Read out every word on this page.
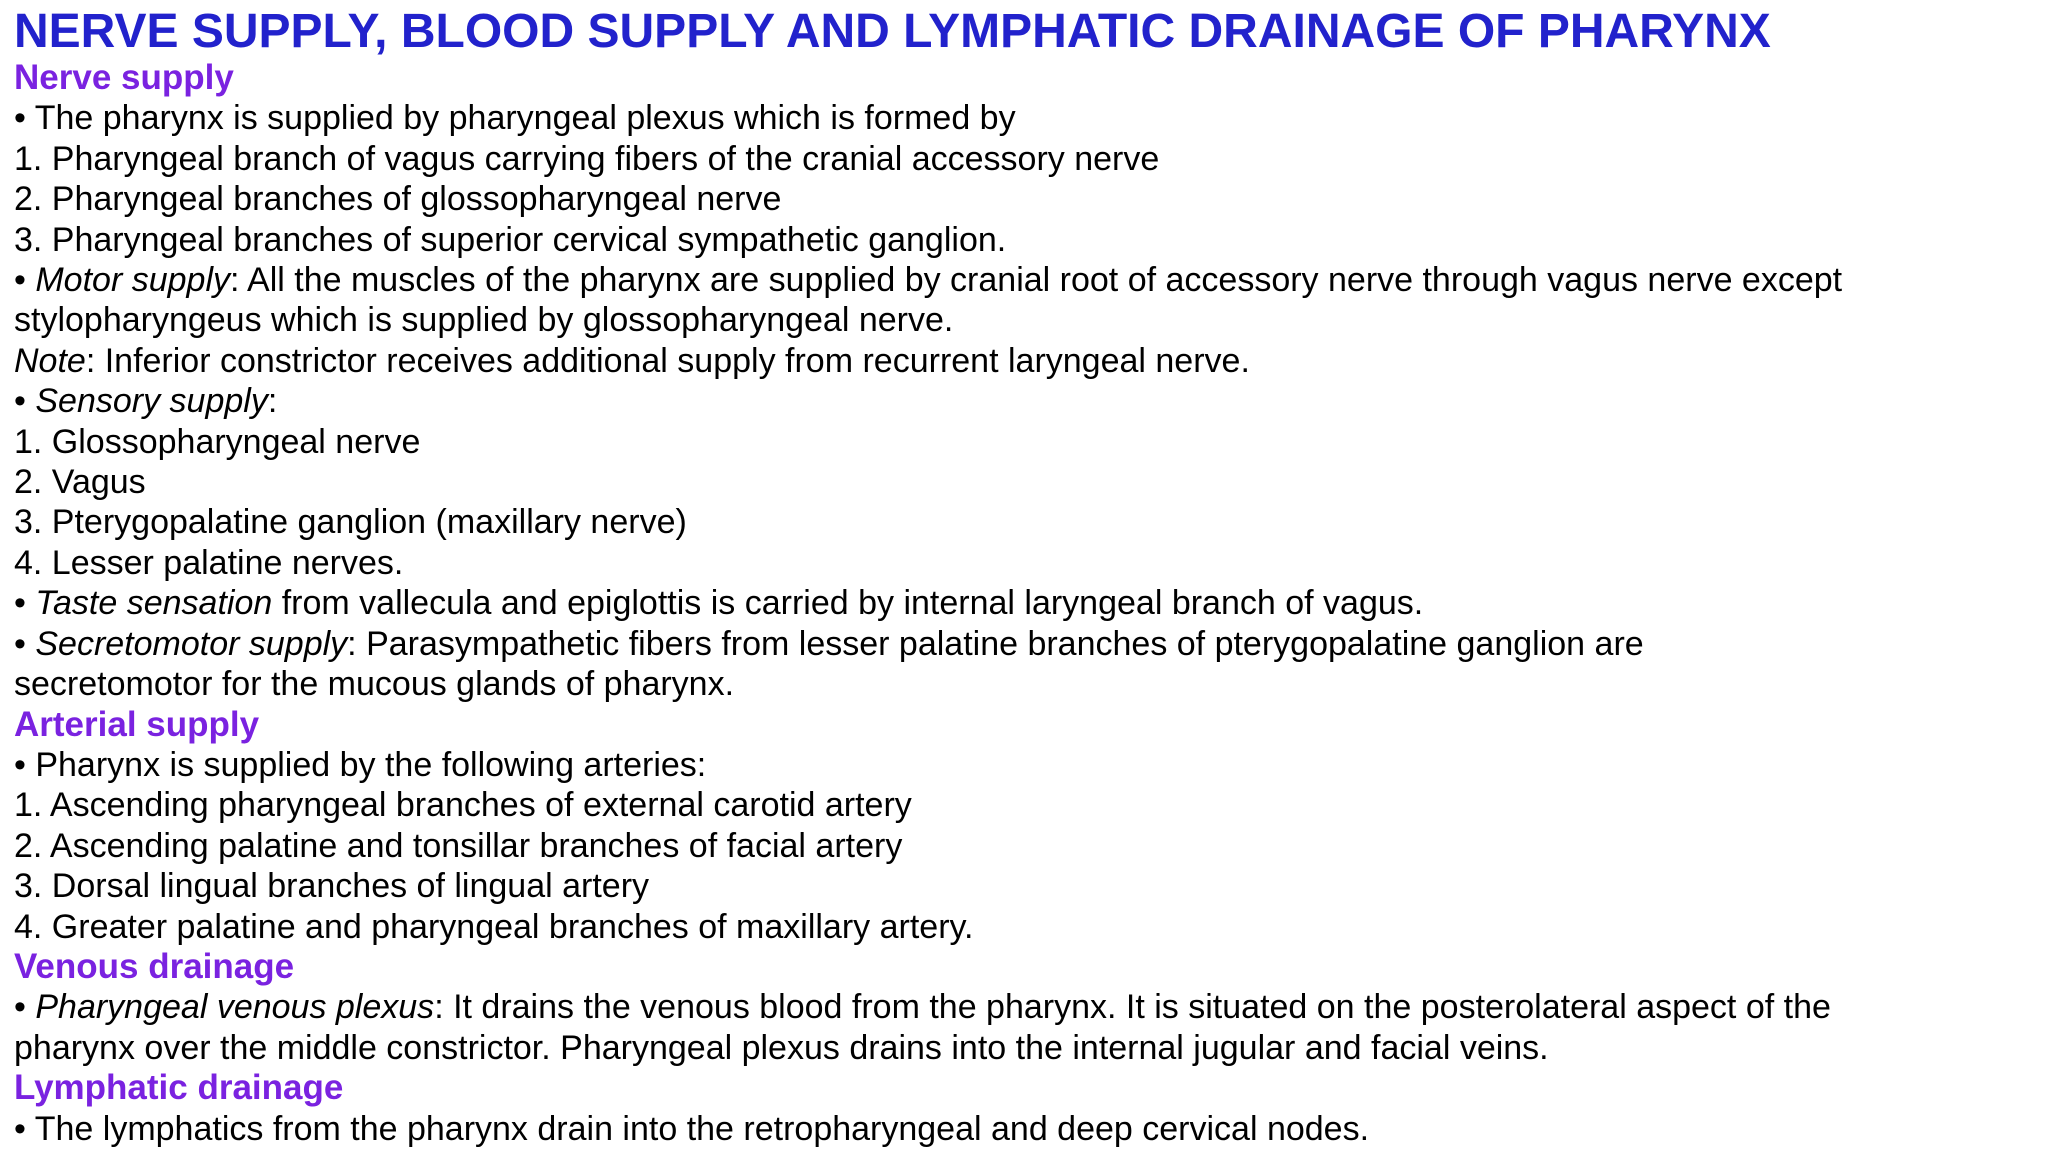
NERVE SUPPLY, BLOOD SUPPLY AND LYMPHATIC DRAINAGE OF PHARYNX
Nerve supply
• The pharynx is supplied by pharyngeal plexus which is formed by
1. Pharyngeal branch of vagus carrying fibers of the cranial accessory nerve
2. Pharyngeal branches of glossopharyngeal nerve
3. Pharyngeal branches of superior cervical sympathetic ganglion.
• Motor supply: All the muscles of the pharynx are supplied by cranial root of accessory nerve through vagus nerve except
stylopharyngeus which is supplied by glossopharyngeal nerve.
Note: Inferior constrictor receives additional supply from recurrent laryngeal nerve.
• Sensory supply:
1. Glossopharyngeal nerve
2. Vagus
3. Pterygopalatine ganglion (maxillary nerve)
4. Lesser palatine nerves.
• Taste sensation from vallecula and epiglottis is carried by internal laryngeal branch of vagus.
• Secretomotor supply: Parasympathetic fibers from lesser palatine branches of pterygopalatine ganglion are
secretomotor for the mucous glands of pharynx.
Arterial supply
• Pharynx is supplied by the following arteries:
1. Ascending pharyngeal branches of external carotid artery
2. Ascending palatine and tonsillar branches of facial artery
3. Dorsal lingual branches of lingual artery
4. Greater palatine and pharyngeal branches of maxillary artery.
Venous drainage
• Pharyngeal venous plexus: It drains the venous blood from the pharynx. It is situated on the posterolateral aspect of the
pharynx over the middle constrictor. Pharyngeal plexus drains into the internal jugular and facial veins.
Lymphatic drainage
• The lymphatics from the pharynx drain into the retropharyngeal and deep cervical nodes.
